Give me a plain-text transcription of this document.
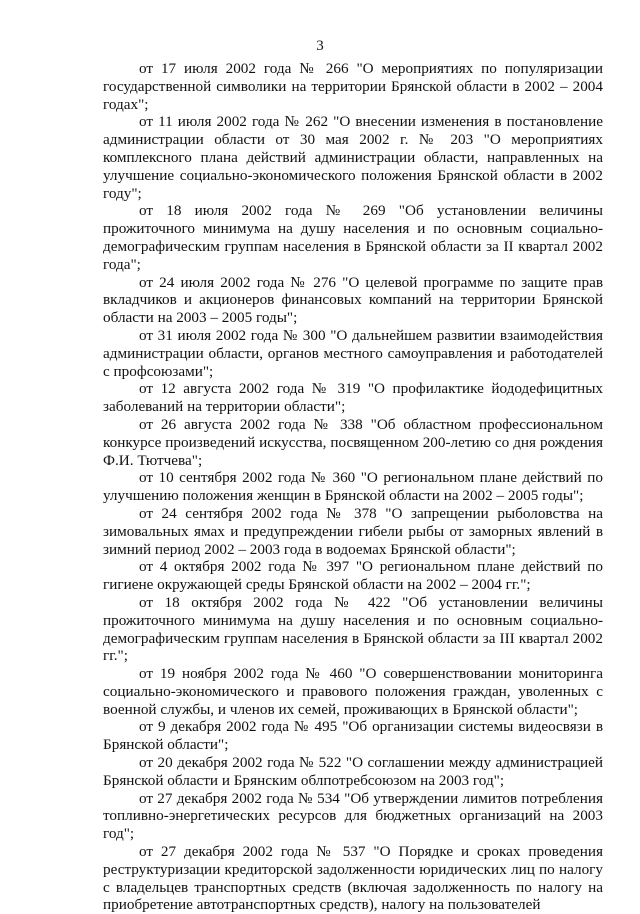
3

от 17 июля 2002 года № 266 "О мероприятиях по популяризации государственной символики на территории Брянской области в 2002 – 2004 годах";

от 11 июля 2002 года № 262 "О внесении изменения в постановление администрации области от 30 мая 2002 г. № 203 "О мероприятиях комплексного плана действий администрации области, направленных на улучшение социально-экономического положения Брянской области в 2002 году";

от 18 июля 2002 года № 269 "Об установлении величины прожиточного минимума на душу населения и по основным социально-демографическим группам населения в Брянской области за II квартал 2002 года";

от 24 июля 2002 года № 276 "О целевой программе по защите прав вкладчиков и акционеров финансовых компаний на территории Брянской области на 2003 – 2005 годы";

от 31 июля 2002 года № 300 "О дальнейшем развитии взаимодействия администрации области, органов местного самоуправления и работодателей с профсоюзами";

от 12 августа 2002 года № 319 "О профилактике йододефицитных заболеваний на территории области";

от 26 августа 2002 года № 338 "Об областном профессиональном конкурсе произведений искусства, посвященном 200-летию со дня рождения Ф.И. Тютчева";

от 10 сентября 2002 года № 360 "О региональном плане действий по улучшению положения женщин в Брянской области на 2002 – 2005 годы";

от 24 сентября 2002 года № 378 "О запрещении рыболовства на зимовальных ямах и предупреждении гибели рыбы от заморных явлений в зимний период 2002 – 2003 года в водоемах Брянской области";

от 4 октября 2002 года № 397 "О региональном плане действий по гигиене окружающей среды Брянской области на 2002 – 2004 гг.";

от 18 октября 2002 года № 422 "Об установлении величины прожиточного минимума на душу населения и по основным социально-демографическим группам населения в Брянской области за III квартал 2002 гг.";

от 19 ноября 2002 года № 460 "О совершенствовании мониторинга социально-экономического и правового положения граждан, уволенных с военной службы, и членов их семей, проживающих в Брянской области";

от 9 декабря 2002 года № 495 "Об организации системы видеосвязи в Брянской области";

от 20 декабря 2002 года № 522 "О соглашении между администрацией Брянской области и Брянским облпотребсоюзом на 2003 год";

от 27 декабря 2002 года № 534 "Об утверждении лимитов потребления топливно-энергетических ресурсов для бюджетных организаций на 2003 год";

от 27 декабря 2002 года № 537 "О Порядке и сроках проведения реструктуризации кредиторской задолженности юридических лиц по налогу с владельцев транспортных средств (включая задолженность по налогу на приобретение автотранспортных средств), налогу на пользователей
